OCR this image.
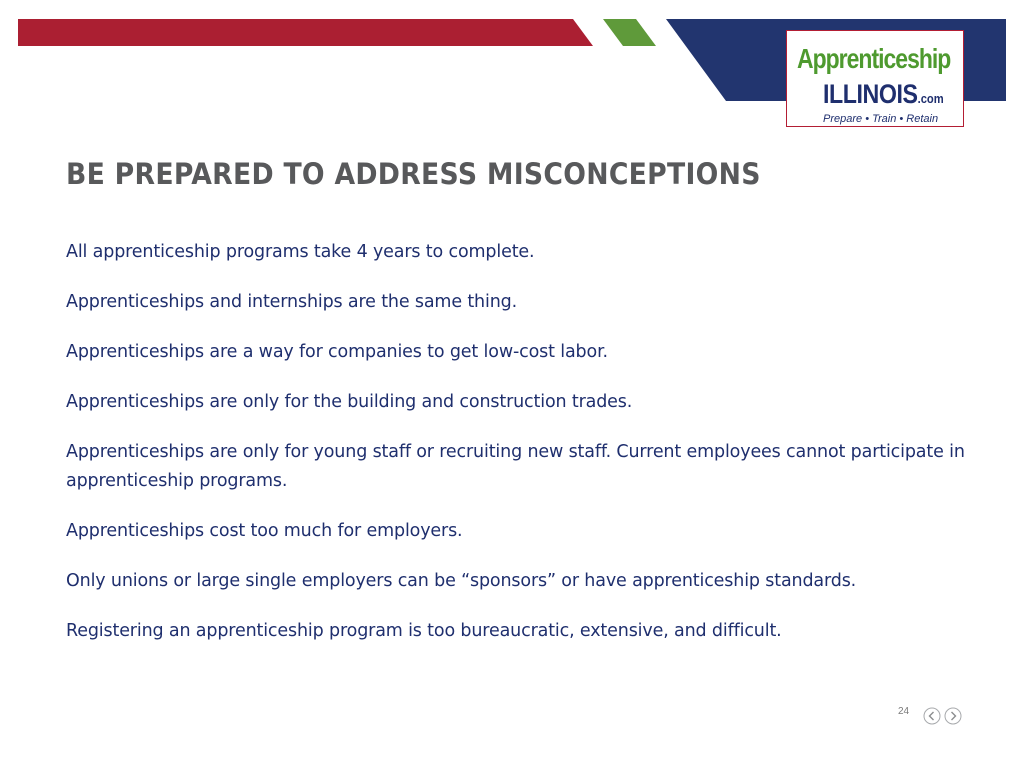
Apprenticeship
ILLINOIS.com
Prepare • Train • Retain
BE PREPARED TO ADDRESS MISCONCEPTIONS
All apprenticeship programs take 4 years to complete.
Apprenticeships and internships are the same thing.
Apprenticeships are a way for companies to get low-cost labor.
Apprenticeships are only for the building and construction trades.
Apprenticeships are only for young staff or recruiting new staff. Current employees cannot participate in apprenticeship programs.
Apprenticeships cost too much for employers.
Only unions or large single employers can be “sponsors” or have apprenticeship standards.
Registering an apprenticeship program is too bureaucratic, extensive, and difficult.
24
